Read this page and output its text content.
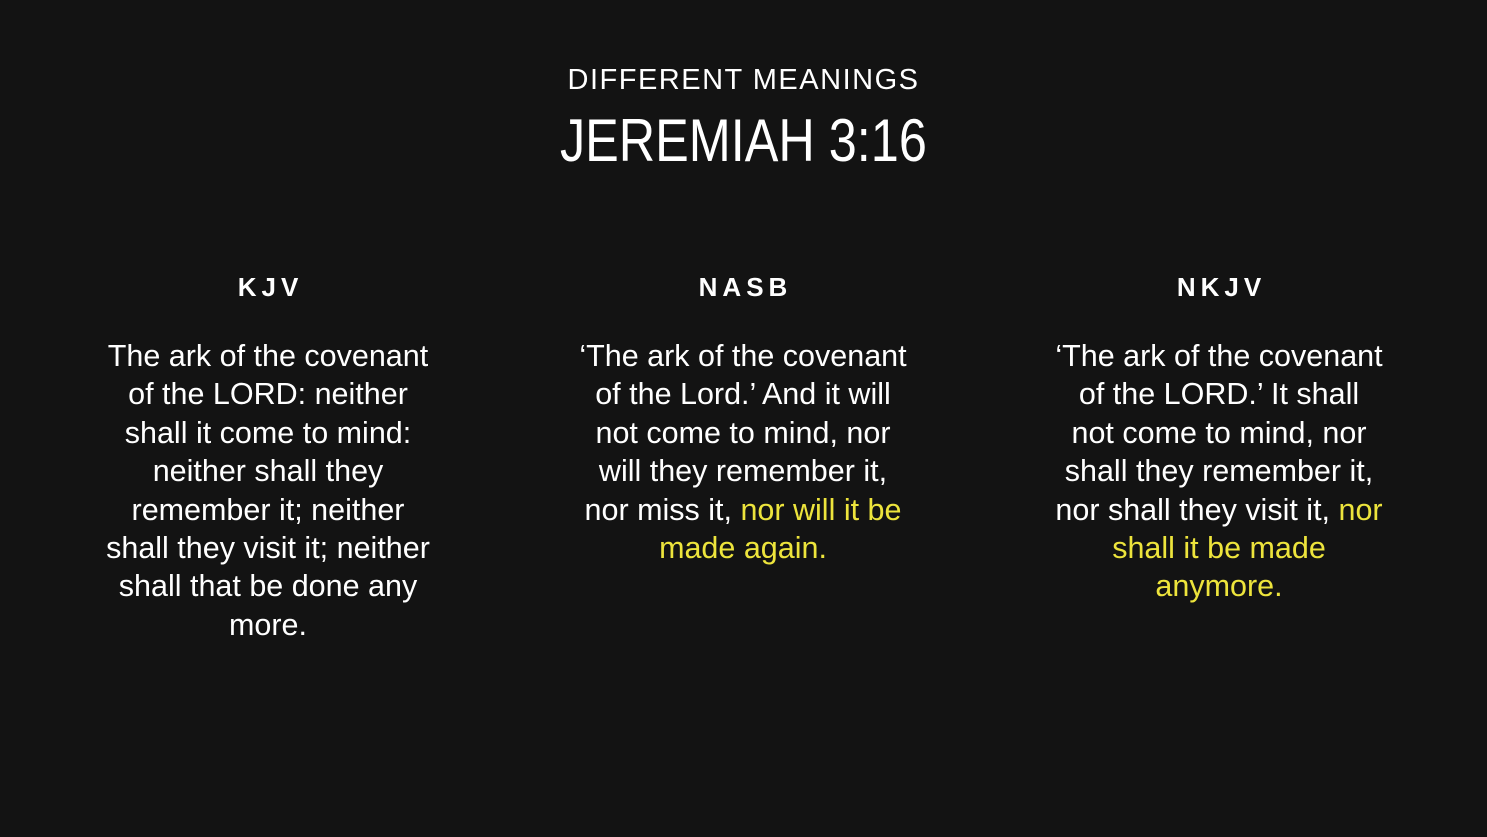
DIFFERENT MEANINGS
JEREMIAH 3:16
KJV
The ark of the covenant of the LORD: neither shall it come to mind: neither shall they remember it; neither shall they visit it; neither shall that be done any more.
NASB
‘The ark of the covenant of the Lord.’ And it will not come to mind, nor will they remember it, nor miss it, nor will it be made again.
NKJV
‘The ark of the covenant of the LORD.’ It shall not come to mind, nor shall they remember it, nor shall they visit it, nor shall it be made anymore.
